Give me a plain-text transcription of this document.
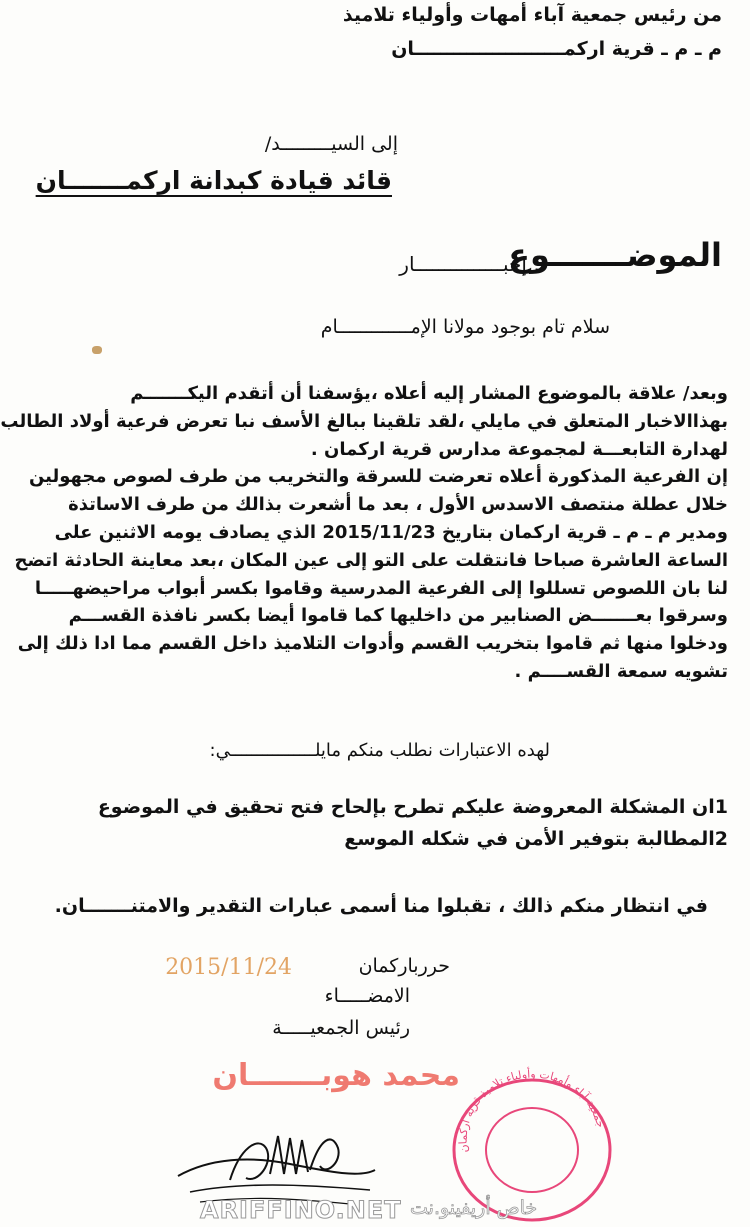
من رئيس جمعية آباء أمهات وأولياء تلاميذ
م ـ م ـ قرية اركمـــــــــــــــــــــــان
إلى السيـــــــــد/
قائد قيادة كبدانة اركمـــــــان
الموضـــــــوع
: إخبـــــــــــــــار
سلام تام بوجود مولانا الإمـــــــــــــام

وبعد/ علاقة بالموضوع المشار إليه أعلاه ،يؤسفنا أن أتقدم اليكـــــــم

بهذاالاخبار المتعلق في مايلي ،لقد تلقينا ببالغ الأسف نبا تعرض فرعية أولاد الطالب

لهدارة التابعـــة لمجموعة مدارس قرية اركمان .

إن الفرعية المذكورة أعلاه تعرضت للسرقة والتخريب من طرف لصوص مجهولين

خلال عطلة منتصف الاسدس الأول ، بعد ما أشعرت بذالك من طرف الاساتذة

ومدير م ـ م ـ قرية اركمان بتاريخ 2015/11/23 الذي يصادف يومه الاثنين على

الساعة العاشرة صباحا فانتقلت على التو إلى عين المكان ،بعد معاينة الحادثة اتضح

لنا بان اللصوص تسللوا إلى الفرعية المدرسية وقاموا بكسر أبواب مراحيضهـــــا

وسرقوا بعـــــــض الصنابير من داخليها كما قاموا أيضا بكسر نافذة القســـم

ودخلوا منها ثم قاموا بتخريب القسم وأدوات التلاميذ داخل القسم مما ادا ذلك إلى

تشويه سمعة القســــم .

لهده الاعتبارات نطلب منكم مايلــــــــــــــــي:
1ان المشكلة المعروضة عليكم تطرح بإلحاح فتح تحقيق في الموضوع
2المطالبة بتوفير الأمن في شكله الموسع
في انتظار منكم ذالك ، تقبلوا منا أسمى عبارات التقدير والامتنـــــــان.
2015/11/24	حرربارکمان
الامضـــــاء
رئيس الجمعيـــــة
محمد هوبـــــــان
جمعية آباء وأمهات وأولياء تلاميذ قرية اركمان
ARIFFINO.NET خاص أريفينو.نت
